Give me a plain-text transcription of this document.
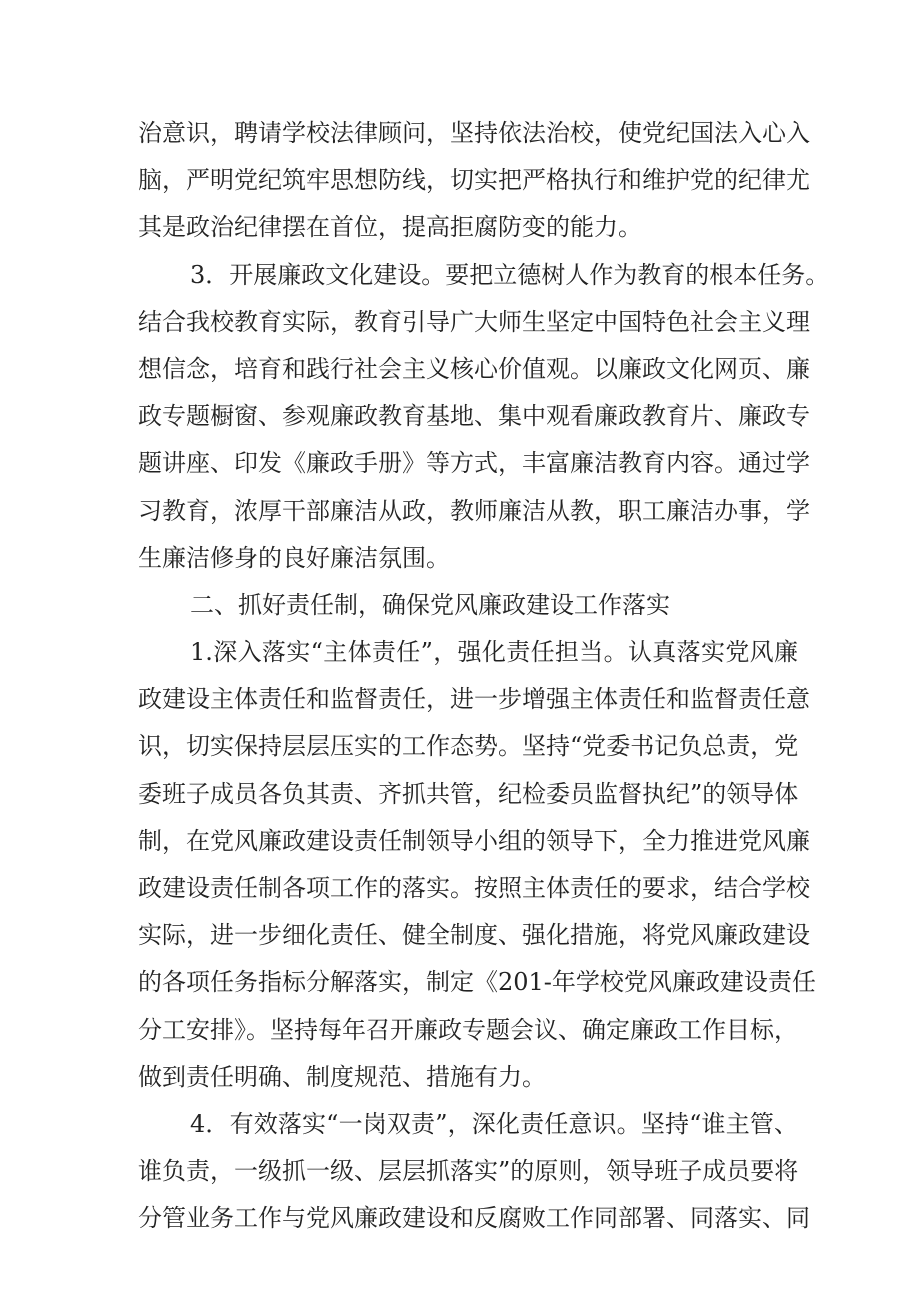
治意识，聘请学校法律顾问，坚持依法治校，使党纪国法入心入
脑，严明党纪筑牢思想防线，切实把严格执行和维护党的纪律尤
其是政治纪律摆在首位，提高拒腐防变的能力。
3．开展廉政文化建设。要把立德树人作为教育的根本任务。
结合我校教育实际，教育引导广大师生坚定中国特色社会主义理
想信念，培育和践行社会主义核心价值观。以廉政文化网页、廉
政专题橱窗、参观廉政教育基地、集中观看廉政教育片、廉政专
题讲座、印发《廉政手册》等方式，丰富廉洁教育内容。通过学
习教育，浓厚干部廉洁从政，教师廉洁从教，职工廉洁办事，学
生廉洁修身的良好廉洁氛围。
二、抓好责任制，确保党风廉政建设工作落实
1.深入落实“主体责任”，强化责任担当。认真落实党风廉
政建设主体责任和监督责任，进一步增强主体责任和监督责任意
识，切实保持层层压实的工作态势。坚持“党委书记负总责，党
委班子成员各负其责、齐抓共管，纪检委员监督执纪”的领导体
制，在党风廉政建设责任制领导小组的领导下，全力推进党风廉
政建设责任制各项工作的落实。按照主体责任的要求，结合学校
实际，进一步细化责任、健全制度、强化措施，将党风廉政建设
的各项任务指标分解落实，制定《201-年学校党风廉政建设责任
分工安排》。坚持每年召开廉政专题会议、确定廉政工作目标，
做到责任明确、制度规范、措施有力。
4．有效落实“一岗双责”，深化责任意识。坚持“谁主管、
谁负责，一级抓一级、层层抓落实”的原则，领导班子成员要将
分管业务工作与党风廉政建设和反腐败工作同部署、同落实、同
